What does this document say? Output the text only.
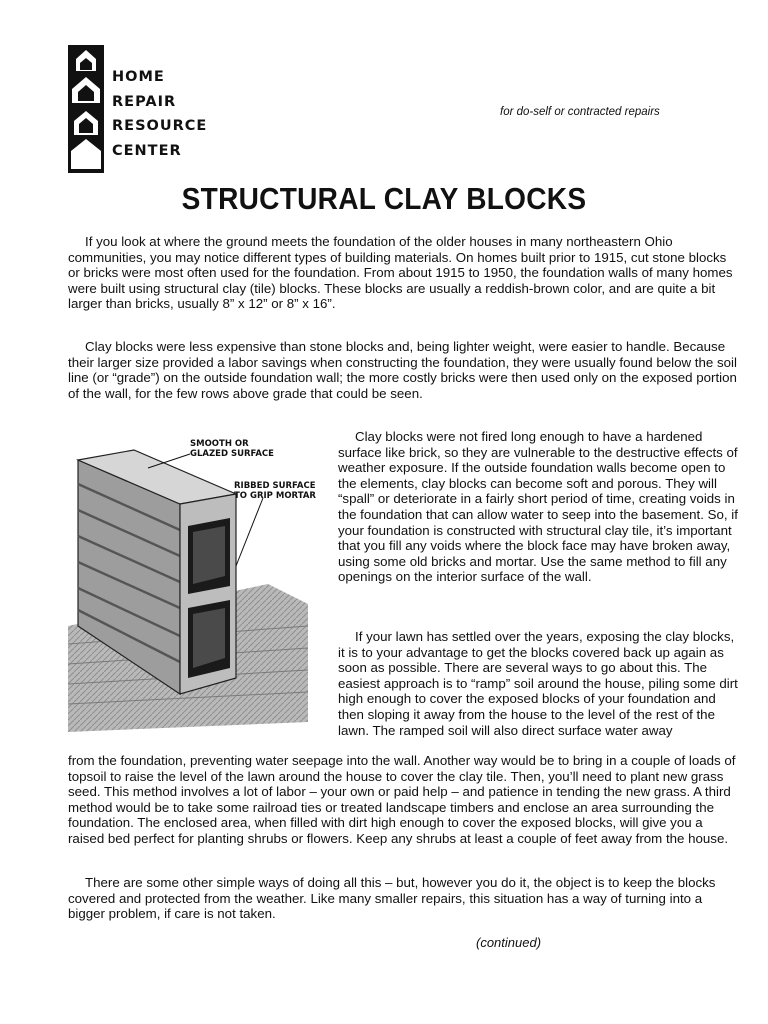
HOME
REPAIR
RESOURCE
CENTER
for do-self or contracted repairs
STRUCTURAL CLAY BLOCKS

If you look at where the ground meets the foundation of the older houses in many northeastern Ohio communities, you may notice different types of building materials. On homes built prior to 1915, cut stone blocks or bricks were most often used for the foundation. From about 1915 to 1950, the foundation walls of many homes were built using structural clay (tile) blocks. These blocks are usually a reddish-brown color, and are quite a bit larger than bricks, usually 8” x 12” or 8” x 16”.

Clay blocks were less expensive than stone blocks and, being lighter weight, were easier to handle. Because their larger size provided a labor savings when constructing the foundation, they were usually found below the soil line (or “grade”) on the outside foundation wall; the more costly bricks were then used only on the exposed portion of the wall, for the few rows above grade that could be seen.

SMOOTH OR
GLAZED SURFACE
RIBBED SURFACE
TO GRIP MORTAR

Clay blocks were not fired long enough to have a hardened surface like brick, so they are vulnerable to the destructive effects of weather exposure. If the outside foundation walls become open to the elements, clay blocks can become soft and porous. They will “spall” or deteriorate in a fairly short period of time, creating voids in the foundation that can allow water to seep into the basement. So, if your foundation is constructed with structural clay tile, it’s important that you fill any voids where the block face may have broken away, using some old bricks and mortar. Use the same method to fill any openings on the interior surface of the wall.

If your lawn has settled over the years, exposing the clay blocks, it is to your advantage to get the blocks covered back up again as soon as possible. There are several ways to go about this. The easiest approach is to “ramp” soil around the house, piling some dirt high enough to cover the exposed blocks of your foundation and then sloping it away from the house to the level of the rest of the lawn. The ramped soil will also direct surface water away

from the foundation, preventing water seepage into the wall. Another way would be to bring in a couple of loads of topsoil to raise the level of the lawn around the house to cover the clay tile. Then, you’ll need to plant new grass seed. This method involves a lot of labor – your own or paid help – and patience in tending the new grass. A third method would be to take some railroad ties or treated landscape timbers and enclose an area surrounding the foundation. The enclosed area, when filled with dirt high enough to cover the exposed blocks, will give you a raised bed perfect for planting shrubs or flowers. Keep any shrubs at least a couple of feet away from the house.

There are some other simple ways of doing all this – but, however you do it, the object is to keep the blocks covered and protected from the weather. Like many smaller repairs, this situation has a way of turning into a bigger problem, if care is not taken.

(continued)
